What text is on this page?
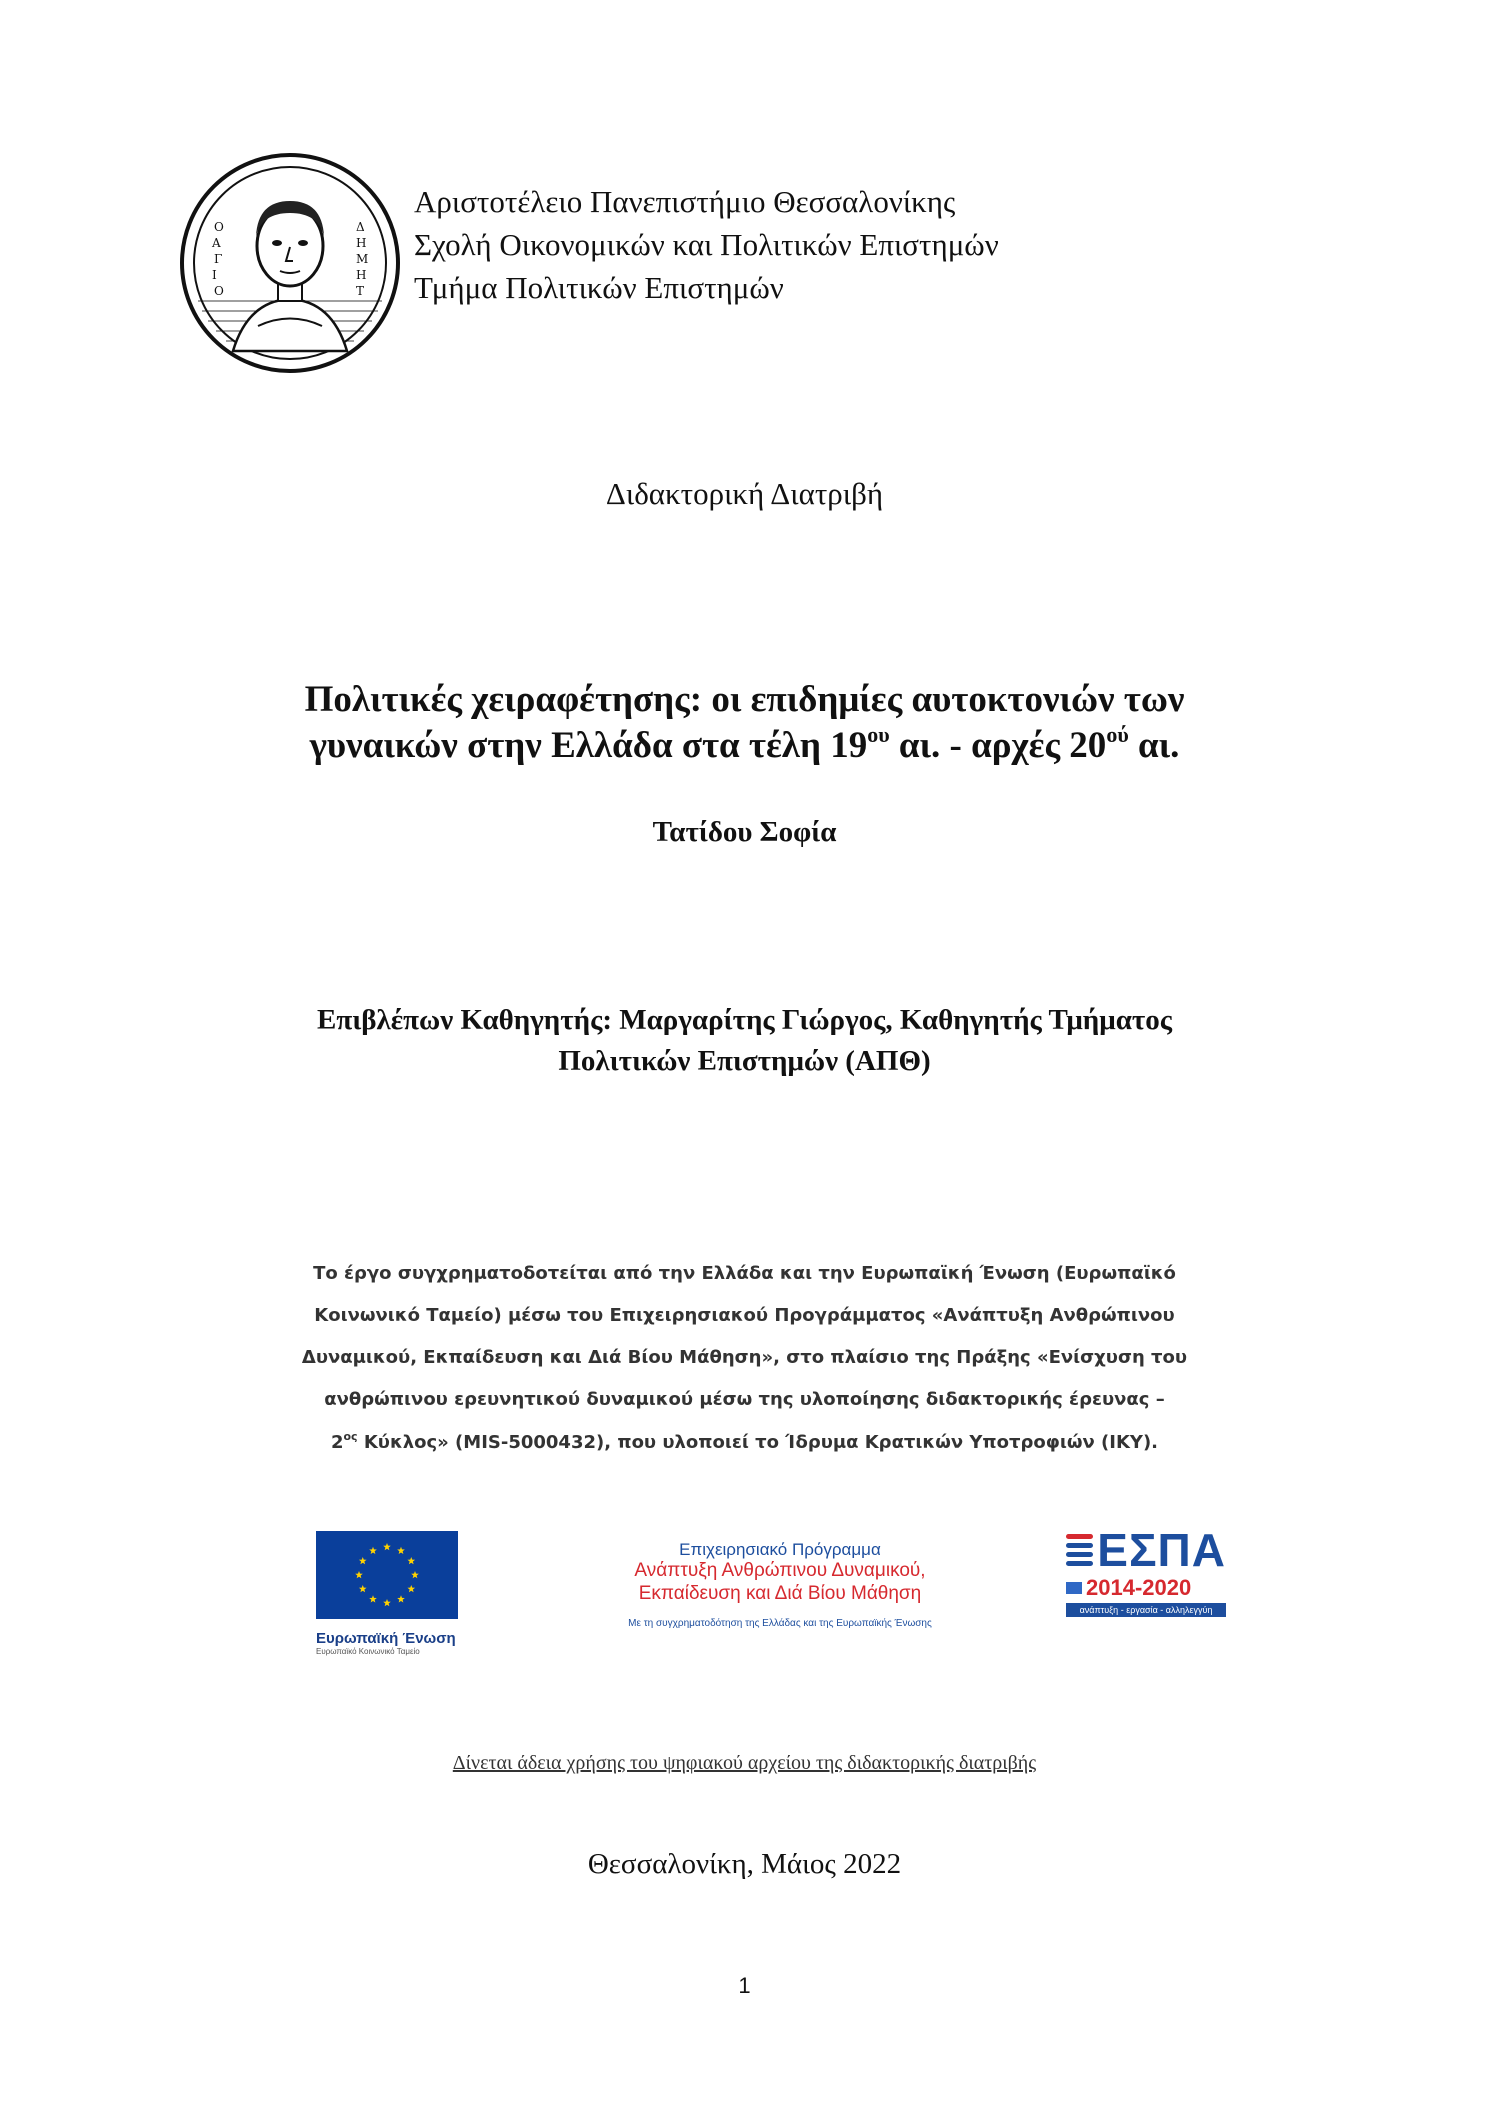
Ο
Α
Γ
Ι
Ο
Δ
Η
Μ
Η
Τ
Αριστοτέλειο Πανεπιστήμιο Θεσσαλονίκης
Σχολή Οικονομικών και Πολιτικών Επιστημών
Τμήμα Πολιτικών Επιστημών
Διδακτορική Διατριβή
Πολιτικές χειραφέτησης: οι επιδημίες αυτοκτονιών των
γυναικών στην Ελλάδα στα τέλη $19^{o\upsilon}$ αι. - αρχές $20^{oύ}$ αι.
Τατίδου Σοφία
Επιβλέπων Καθηγητής: Μαργαρίτης Γιώργος, Καθηγητής Τμήματος
Πολιτικών Επιστημών (ΑΠΘ)
Το έργο συγχρηματοδοτείται από την Ελλάδα και την Ευρωπαϊκή Ένωση (Ευρωπαϊκό
Κοινωνικό Ταμείο) μέσω του Επιχειρησιακού Προγράμματος «Ανάπτυξη Ανθρώπινου
Δυναμικού, Εκπαίδευση και Διά Βίου Μάθηση», στο πλαίσιο της Πράξης «Ενίσχυση του
ανθρώπινου ερευνητικού δυναμικού μέσω της υλοποίησης διδακτορικής έρευνας –
$2^{o\varsigma}$ Κύκλος» (MIS-5000432), που υλοποιεί το Ίδρυμα Κρατικών Υποτροφιών (ΙΚΥ).
Ευρωπαϊκή Ένωση
Ευρωπαϊκό Κοινωνικό Ταμείο
Επιχειρησιακό Πρόγραμμα
Ανάπτυξη Ανθρώπινου Δυναμικού,
Εκπαίδευση και Διά Βίου Μάθηση
Με τη συγχρηματοδότηση της Ελλάδας και της Ευρωπαϊκής Ένωσης
ΕΣΠΑ
2014-2020
ανάπτυξη - εργασία - αλληλεγγύη
Δίνεται άδεια χρήσης του ψηφιακού αρχείου της διδακτορικής διατριβής
Θεσσαλονίκη, Μάιος 2022
1
